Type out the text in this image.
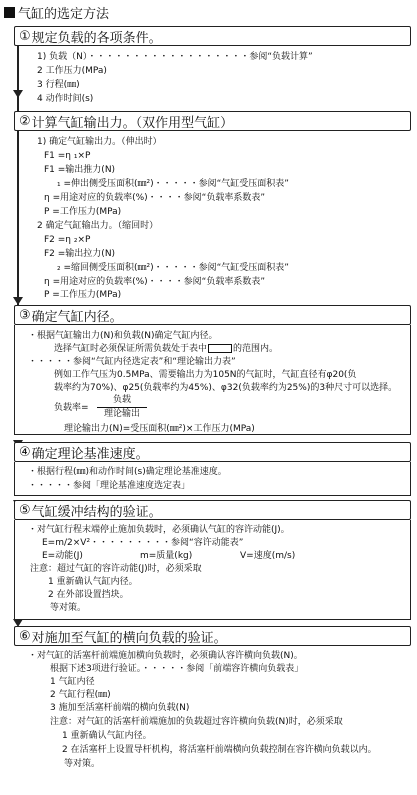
气缸的选定方法
① 规定负载的各项条件。
1) 负载（N）・・・・・・・・・・・・・・・・・・参阅“负载计算”
2 工作压力(MPa)
3 行程(㎜)
4 动作时间(s)
② 计算气缸输出力。（双作用型气缸）
1) 确定气缸输出力。（伸出时）
F1 =η ₁×P
F1 =输出推力(N)
₁ =伸出侧受压面积(㎜²)・・・・・参阅“气缸受压面积表”
η =用途对应的负载率(%)・・・・参阅“负载率系数表”
P =工作压力(MPa)
2 确定气缸输出力。（缩回时）
F2 =η ₂×P
F2 =输出拉力(N)
₂ =缩回侧受压面积(㎜²)・・・・・参阅“气缸受压面积表”
η =用途对应的负载率(%)・・・・参阅“负载率系数表”
P =工作压力(MPa)
③ 确定气缸内径。
・根据气缸输出力(N)和负载(N)确定气缸内径。
选择气缸时必须保证所需负载处于表中	的范围内。
・・・・・参阅“气缸内径选定表”和“理论输出力表”
例如工作气压为0.5MPa、需要输出力为105N的气缸时，气缸直径有φ20(负
载率约为70%)、φ25(负载率约为45%)、φ32(负载率约为25%)的3种尺寸可以选择。
负载率=
负载
理论输出
理论输出力(N)=受压面积(㎜²)×工作压力(MPa)
④ 确定理论基准速度。
・根据行程(㎜)和动作时间(s)确定理论基准速度。
・・・・・参阅「理论基准速度选定表」
⑤ 气缸缓冲结构的验证。
・对气缸行程末端停止施加负载时，必须确认气缸的容许动能(J)。
E=m/2×V²・・・・・・・・・参阅“容许动能表”
E=动能(J)	m=质量(kg)	V=速度(m/s)
注意：超过气缸的容许动能(J)时，必须采取
1 重新确认气缸内径。
2 在外部设置挡块。
等对策。
⑥ 对施加至气缸的横向负载的验证。
・对气缸的活塞杆前端施加横向负载时，必须确认容许横向负载(N)。
根据下述3项进行验证。・・・・・参阅「前端容许横向负载表」
1 气缸内径
2 气缸行程(㎜)
3 施加至活塞杆前端的横向负载(N)
注意：对气缸的活塞杆前端施加的负载超过容许横向负载(N)时，必须采取
1 重新确认气缸内径。
2 在活塞杆上设置导杆机构，将活塞杆前端横向负载控制在容许横向负载以内。
等对策。
